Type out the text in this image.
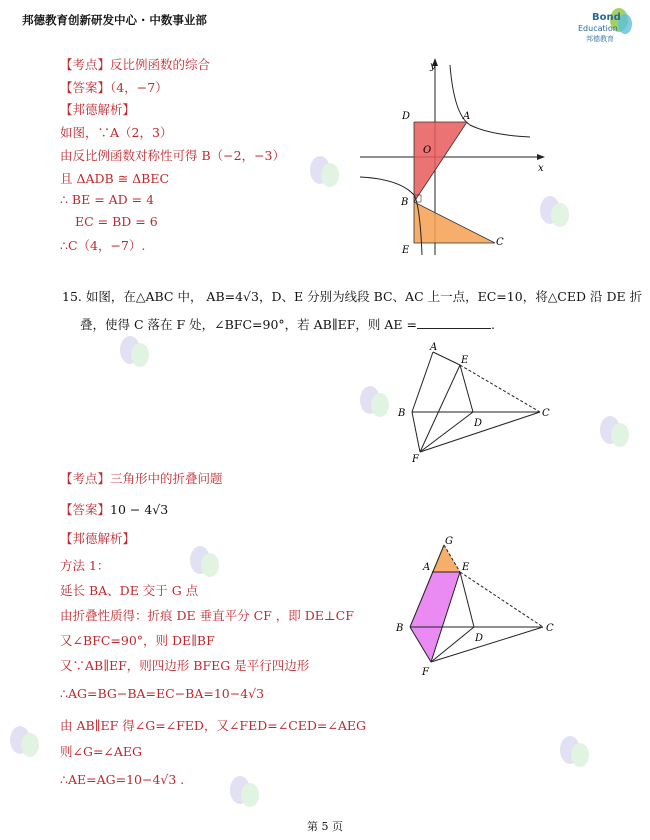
邦德教育创新研发中心 · 中数事业部	Bond
Education
邦德教育
【考点】反比例函数的综合
【答案】（4，−7）
【邦德解析】
如图，∵A（2，3）
由反比例函数对称性可得 B（−2，−3）
且 ΔADB ≅ ΔBEC
∴ BE = AD = 4
EC = BD = 6
∴C（4，−7）.
y
x
D	A
O
B
E
C
15. 如图，在△ABC 中， AB=4√3，D、E 分别为线段 BC、AC 上一点，EC=10，将△CED 沿 DE 折
叠，使得 C 落在 F 处，∠BFC=90°，若 AB∥EF，则 AE =	.
A
E
B
D
C
F
【考点】三角形中的折叠问题
【答案】10 − 4√3
【邦德解析】
方法 1：
延长 BA、DE 交于 G 点
由折叠性质得：折痕 DE 垂直平分 CF ，即 DE⊥CF
又∠BFC=90°，则 DE∥BF
又∵AB∥EF，则四边形 BFEG 是平行四边形
∴AG=BG−BA=EC−BA=10−4√3
由 AB∥EF 得∠G=∠FED，又∠FED=∠CED=∠AEG
则∠G=∠AEG
∴AE=AG=10−4√3 .
G
A	E
B
D
C
F
第 5 页
